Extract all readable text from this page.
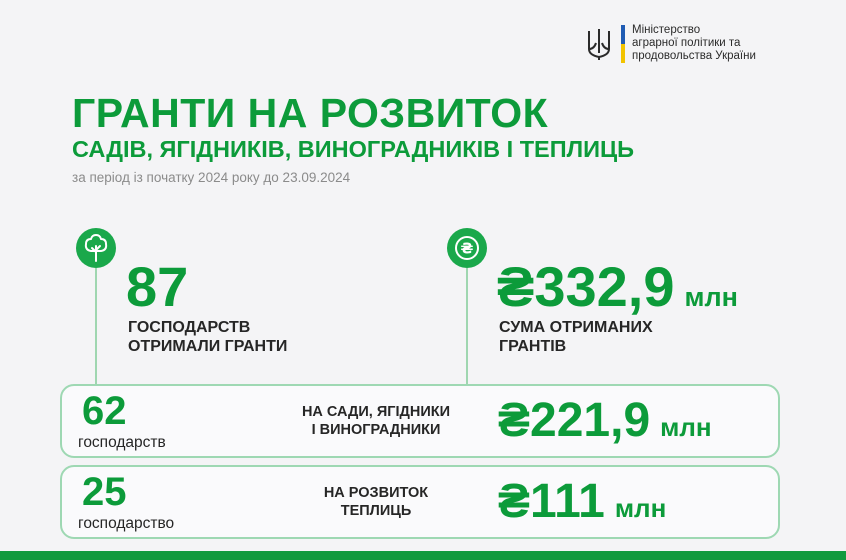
Міністерство
аграрної політики та
продовольства України
ГРАНТИ НА РОЗВИТОК
САДІВ, ЯГІДНИКІВ, ВИНОГРАДНИКІВ І ТЕПЛИЦЬ
за період із початку 2024 року до 23.09.2024
₴
87
ГОСПОДАРСТВ
ОТРИМАЛИ ГРАНТИ
₴332,9 млн
СУМА ОТРИМАНИХ
ГРАНТІВ
62
господарств
НА САДИ, ЯГІДНИКИ
І ВИНОГРАДНИКИ	₴221,9 млн
25
господарство
НА РОЗВИТОК
ТЕПЛИЦЬ	₴111 млн
